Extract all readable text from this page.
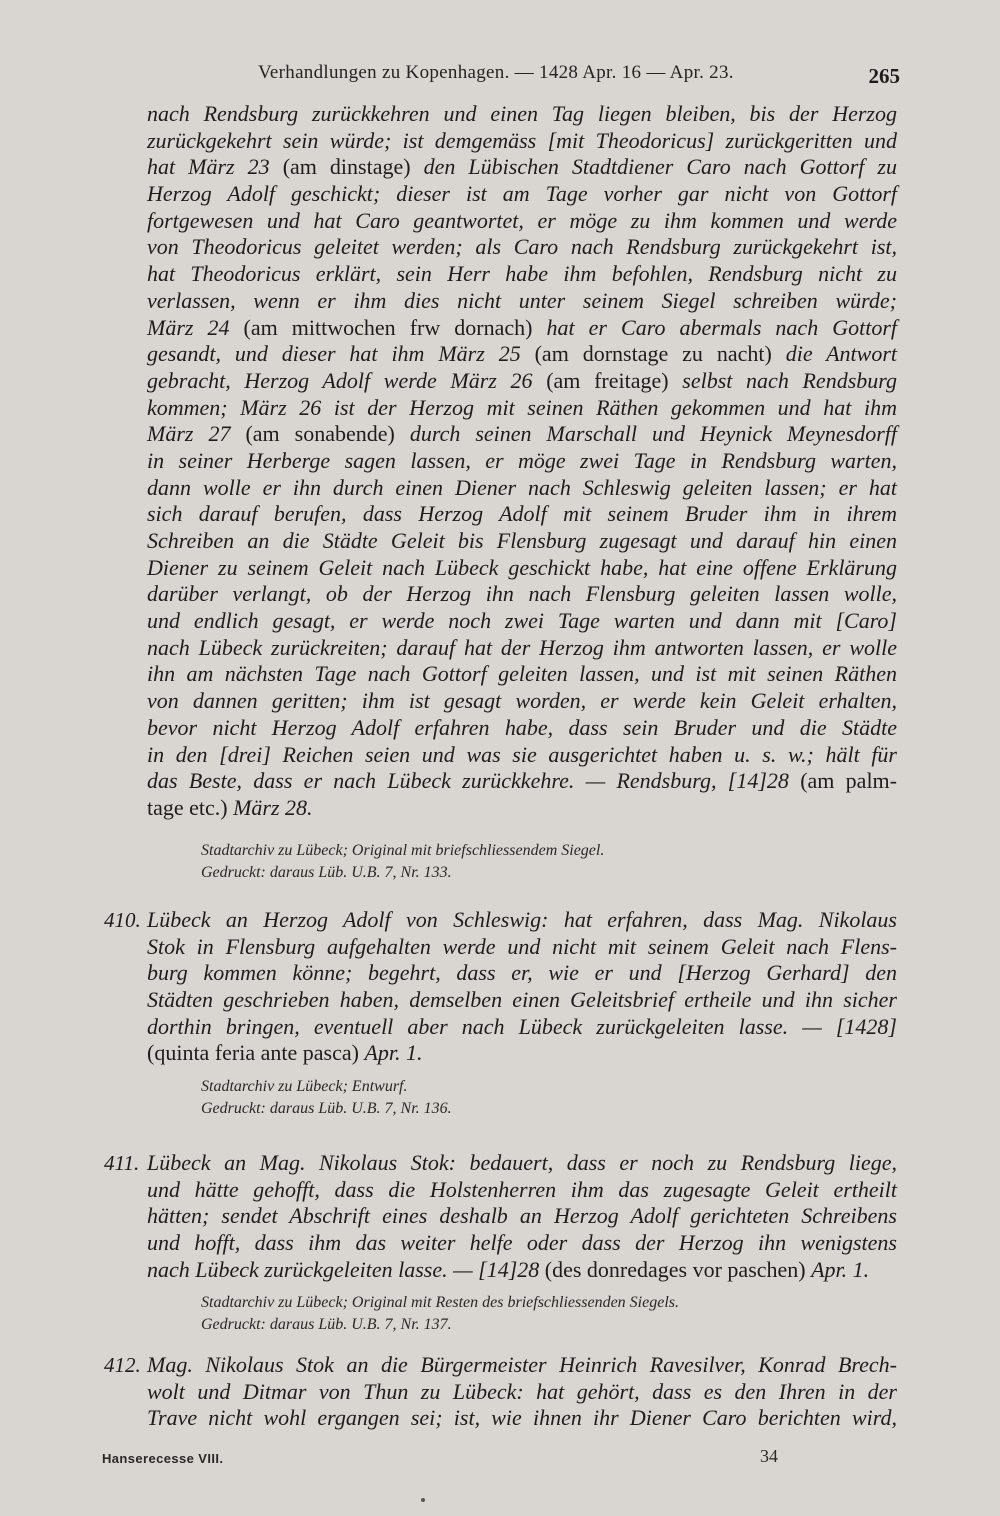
Verhandlungen zu Kopenhagen. — 1428 Apr. 16 — Apr. 23.	265
nach Rendsburg zurückkehren und einen Tag liegen bleiben, bis der Herzog
zurückgekehrt sein würde; ist demgemäss [mit Theodoricus] zurückgeritten und
hat März 23 (am dinstage) den Lübischen Stadtdiener Caro nach Gottorf zu
Herzog Adolf geschickt; dieser ist am Tage vorher gar nicht von Gottorf
fortgewesen und hat Caro geantwortet, er möge zu ihm kommen und werde
von Theodoricus geleitet werden; als Caro nach Rendsburg zurückgekehrt ist,
hat Theodoricus erklärt, sein Herr habe ihm befohlen, Rendsburg nicht zu
verlassen, wenn er ihm dies nicht unter seinem Siegel schreiben würde;
März 24 (am mittwochen frw dornach) hat er Caro abermals nach Gottorf
gesandt, und dieser hat ihm März 25 (am dornstage zu nacht) die Antwort
gebracht, Herzog Adolf werde März 26 (am freitage) selbst nach Rendsburg
kommen; März 26 ist der Herzog mit seinen Räthen gekommen und hat ihm
März 27 (am sonabende) durch seinen Marschall und Heynick Meynesdorff
in seiner Herberge sagen lassen, er möge zwei Tage in Rendsburg warten,
dann wolle er ihn durch einen Diener nach Schleswig geleiten lassen; er hat
sich darauf berufen, dass Herzog Adolf mit seinem Bruder ihm in ihrem
Schreiben an die Städte Geleit bis Flensburg zugesagt und darauf hin einen
Diener zu seinem Geleit nach Lübeck geschickt habe, hat eine offene Erklärung
darüber verlangt, ob der Herzog ihn nach Flensburg geleiten lassen wolle,
und endlich gesagt, er werde noch zwei Tage warten und dann mit [Caro]
nach Lübeck zurückreiten; darauf hat der Herzog ihm antworten lassen, er wolle
ihn am nächsten Tage nach Gottorf geleiten lassen, und ist mit seinen Räthen
von dannen geritten; ihm ist gesagt worden, er werde kein Geleit erhalten,
bevor nicht Herzog Adolf erfahren habe, dass sein Bruder und die Städte
in den [drei] Reichen seien und was sie ausgerichtet haben u. s. w.; hält für
das Beste, dass er nach Lübeck zurückkehre. — Rendsburg, [14]28 (am palm-
tage etc.) März 28.
Stadtarchiv zu Lübeck; Original mit briefschliessendem Siegel.
Gedruckt: daraus Lüb. U.B. 7, Nr. 133.
410. Lübeck an Herzog Adolf von Schleswig: hat erfahren, dass Mag. Nikolaus
Stok in Flensburg aufgehalten werde und nicht mit seinem Geleit nach Flens-
burg kommen könne; begehrt, dass er, wie er und [Herzog Gerhard] den
Städten geschrieben haben, demselben einen Geleitsbrief ertheile und ihn sicher
dorthin bringen, eventuell aber nach Lübeck zurückgeleiten lasse. — [1428]
(quinta feria ante pasca) Apr. 1.
Stadtarchiv zu Lübeck; Entwurf.
Gedruckt: daraus Lüb. U.B. 7, Nr. 136.
411. Lübeck an Mag. Nikolaus Stok: bedauert, dass er noch zu Rendsburg liege,
und hätte gehofft, dass die Holstenherren ihm das zugesagte Geleit ertheilt
hätten; sendet Abschrift eines deshalb an Herzog Adolf gerichteten Schreibens
und hofft, dass ihm das weiter helfe oder dass der Herzog ihn wenigstens
nach Lübeck zurückgeleiten lasse. — [14]28 (des donredages vor paschen) Apr. 1.
Stadtarchiv zu Lübeck; Original mit Resten des briefschliessenden Siegels.
Gedruckt: daraus Lüb. U.B. 7, Nr. 137.
412. Mag. Nikolaus Stok an die Bürgermeister Heinrich Ravesilver, Konrad Brech-
wolt und Ditmar von Thun zu Lübeck: hat gehört, dass es den Ihren in der
Trave nicht wohl ergangen sei; ist, wie ihnen ihr Diener Caro berichten wird,
Hanserecesse VIII.	34
